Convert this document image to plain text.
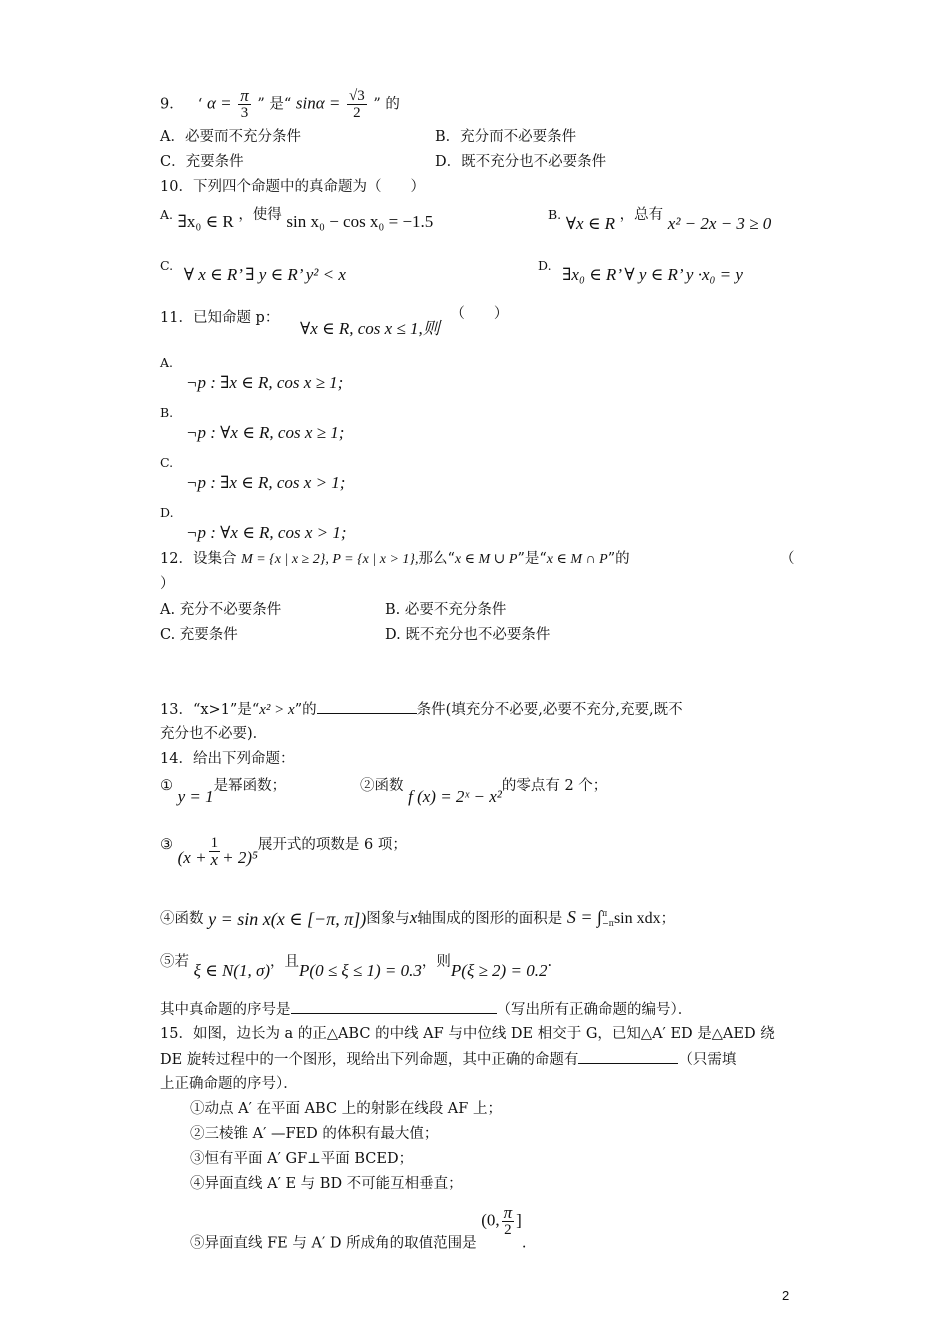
9． ‘ $\alpha = \frac{\pi}{3}$ ” 是“ $\sin\alpha = \frac{√3}{2}$ ” 的
A．必要而不充分条件	B．充分而不必要条件
C．充要条件	D．既不充分也不必要条件
10．下列四个命题中的真命题为（　　）
A. ∃x₀ ∈ R ，使得 sin x₀ − cos x₀ = −1.5	B. ∀x ∈ R ，总有 x² − 2x − 3 ≥ 0
C. ∀ x ∈ R’ ∃ y ∈ R’ y² < x	D. ∃x₀ ∈ R’ ∀ y ∈ R’ y ·x₀ = y
11．已知命题 p： ∀x ∈ R, cos x ≤ 1,则 （　　）
A.
¬p : ∃x ∈ R, cos x ≥ 1;
B.
¬p : ∀x ∈ R, cos x ≥ 1;
C.
¬p : ∃x ∈ R, cos x > 1;
D.
¬p : ∀x ∈ R, cos x > 1;
12．设集合 M = {x | x ≥ 2}, P = {x | x > 1},那么“x ∈ M ∪ P”是“x ∈ M ∩ P”的	（
）
A. 充分不必要条件	B. 必要不充分条件
C. 充要条件	D. 既不充分也不必要条件
13．“x>1”是“x² > x”的	条件(填充分不必要,必要不充分,充要,既不
充分也不必要)．
14．给出下列命题：
① y = 1是幂函数；	②函数 f (x) = 2ˣ − x²的零点有 2 个；
③ $(x + \frac{1}{x} + 2)^5$展开式的项数是 6 项；
④函数 y = sin x(x ∈ [−π, π])图象与x轴围成的图形的面积是 S = ∫ π
−π sin xdx；
⑤若 ξ ∈ N(1, σ)，且P(0 ≤ ξ ≤ 1) = 0.3，则P(ξ ≥ 2) = 0.2.
其中真命题的序号是	（写出所有正确命题的编号）．
15．如图，边长为 a 的正△ABC 的中线 AF 与中位线 DE 相交于 G，已知△A′ ED 是△AED 绕
DE 旋转过程中的一个图形，现给出下列命题，其中正确的命题有	（只需填
上正确命题的序号）．
①动点 A′ 在平面 ABC 上的射影在线段 AF 上；
②三棱锥 A′ —FED 的体积有最大值；
③恒有平面 A′ GF⊥平面 BCED；
④异面直线 A′ E 与 BD 不可能互相垂直；
⑤异面直线 FE 与 A′ D 所成角的取值范围是 (0, $\frac{\pi}{2}$ ].
2
